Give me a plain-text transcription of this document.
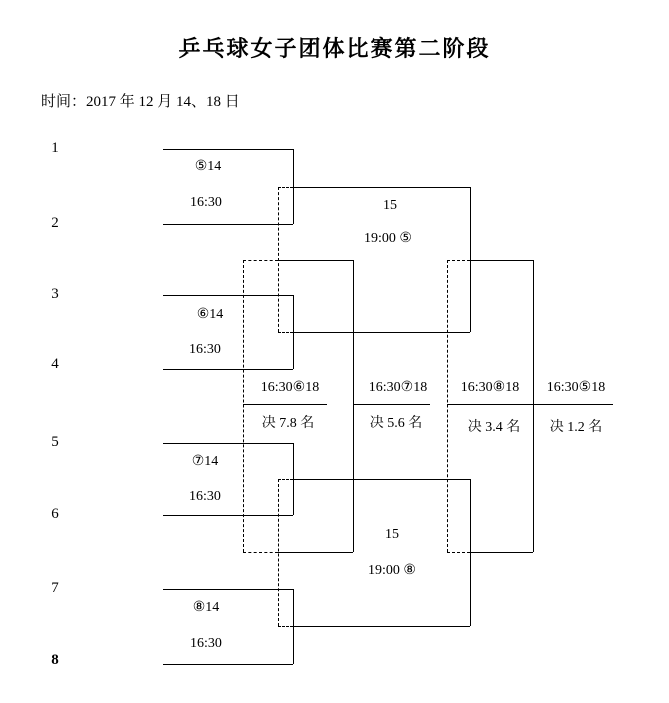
乒乓球女子团体比赛第二阶段
时间：2017 年 12 月 14、18 日
1
2
3
4
5
6
7
8
⑤14
16:30
⑥14
16:30
⑦14
16:30
⑧14
16:30
15
19:00 ⑤
15
19:00 ⑧
16:30⑥18
决 7.8 名
16:30⑦18
决 5.6 名
16:30⑧18
决 3.4 名
16:30⑤18
决 1.2 名
